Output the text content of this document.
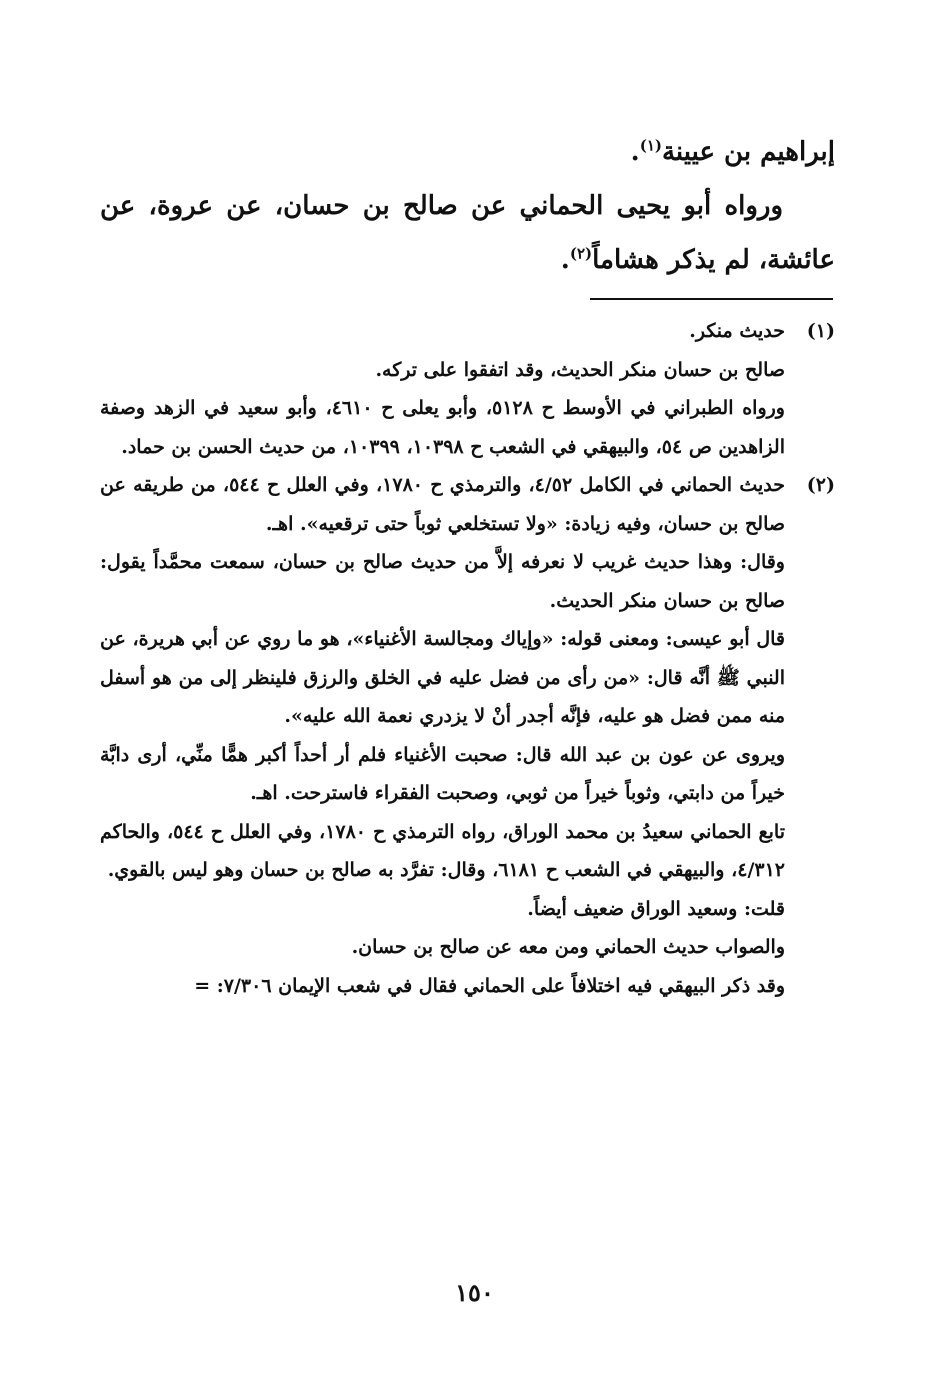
إبراهيم بن عيينة$^{(١)}$.

ورواه أبو يحيى الحماني عن صالح بن حسان، عن عروة، عن عائشة، لم يذكر هشاماً$^{(٢)}$.

(١)

حديث منكر.

صالح بن حسان منكر الحديث، وقد اتفقوا على تركه.

ورواه الطبراني في الأوسط ح ٥١٢٨، وأبو يعلى ح ٤٦١٠، وأبو سعيد في الزهد وصفة الزاهدين ص ٥٤، والبيهقي في الشعب ح ١٠٣٩٨، ١٠٣٩٩، من حديث الحسن بن حماد.

(٢)

حديث الحماني في الكامل ٤/٥٢، والترمذي ح ١٧٨٠، وفي العلل ح ٥٤٤، من طريقه عن صالح بن حسان، وفيه زيادة: «ولا تستخلعي ثوباً حتى ترقعيه». اهـ.

وقال: وهذا حديث غريب لا نعرفه إلاَّ من حديث صالح بن حسان، سمعت محمَّداً يقول: صالح بن حسان منكر الحديث.

قال أبو عيسى: ومعنى قوله: «وإياك ومجالسة الأغنياء»، هو ما روي عن أبي هريرة، عن النبي ﷺ أنَّه قال: «من رأى من فضل عليه في الخلق والرزق فلينظر إلى من هو أسفل منه ممن فضل هو عليه، فإنَّه أجدر أنْ لا يزدري نعمة الله عليه».

ويروى عن عون بن عبد الله قال: صحبت الأغنياء فلم أر أحداً أكبر همًّا منِّي، أرى دابَّة خيراً من دابتي، وثوباً خيراً من ثوبي، وصحبت الفقراء فاسترحت. اهـ.

تابع الحماني سعيدُ بن محمد الوراق، رواه الترمذي ح ١٧٨٠، وفي العلل ح ٥٤٤، والحاكم ٤/٣١٢، والبيهقي في الشعب ح ٦١٨١، وقال: تفرَّد به صالح بن حسان وهو ليس بالقوي.

قلت: وسعيد الوراق ضعيف أيضاً.

والصواب حديث الحماني ومن معه عن صالح بن حسان.

وقد ذكر البيهقي فيه اختلافاً على الحماني فقال في شعب الإيمان ٧/٣٠٦: =

١٥٠
